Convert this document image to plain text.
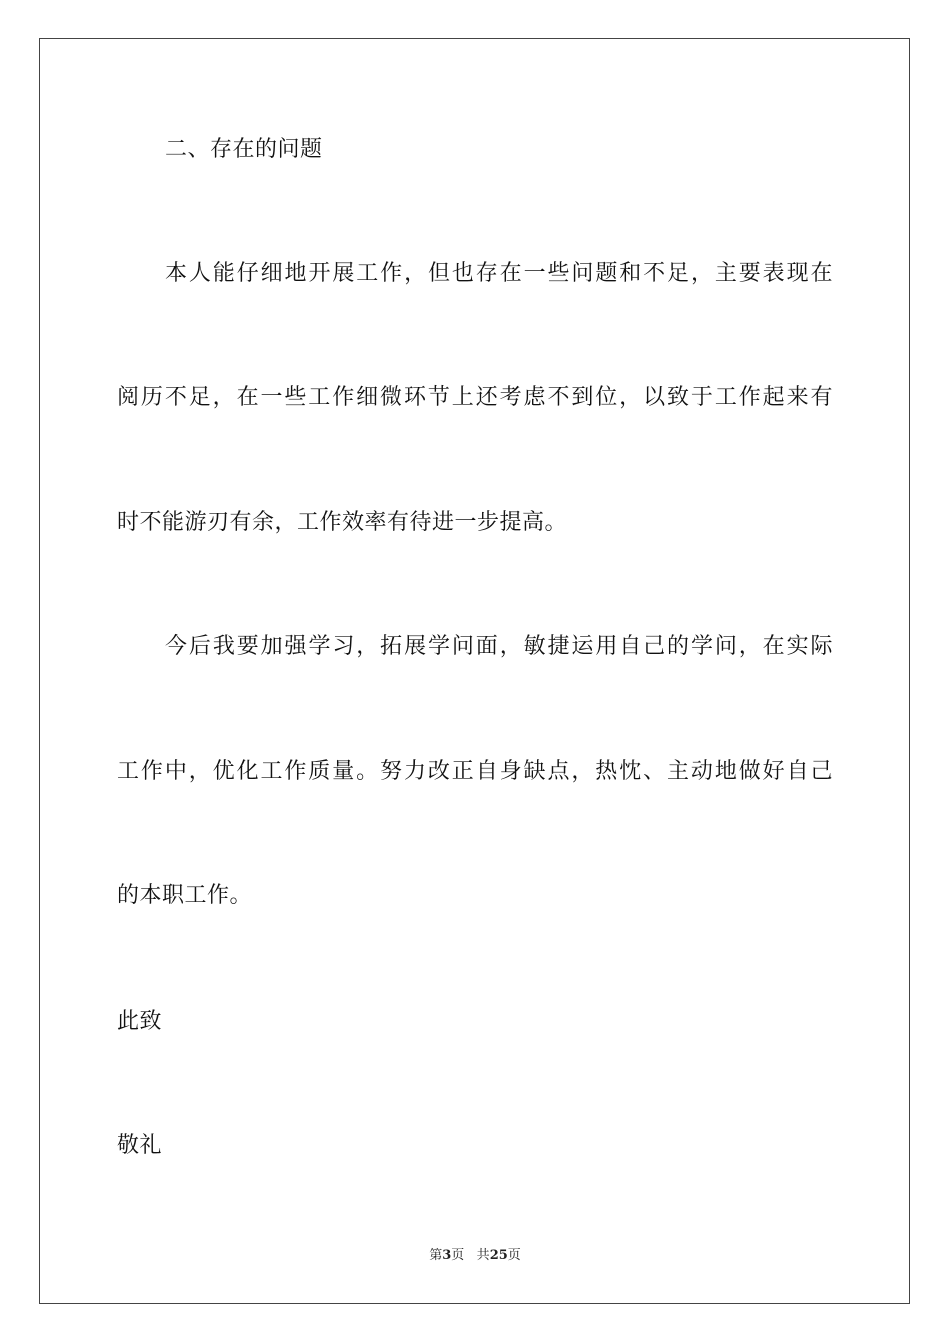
二、存在的问题
本人能仔细地开展工作，但也存在一些问题和不足，主要表现在
阅历不足，在一些工作细微环节上还考虑不到位，以致于工作起来有
时不能游刃有余，工作效率有待进一步提高。
今后我要加强学习，拓展学问面，敏捷运用自己的学问，在实际
工作中，优化工作质量。努力改正自身缺点，热忱、主动地做好自己
的本职工作。
此致
敬礼
第3页 共25页
